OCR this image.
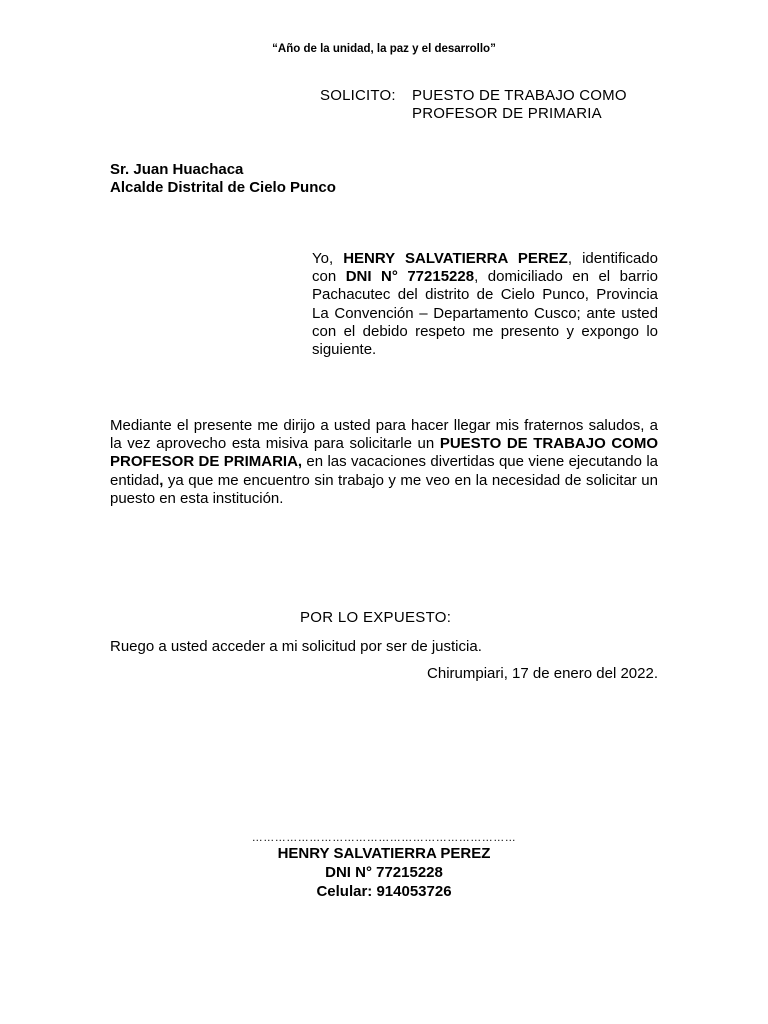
“Año de la unidad, la paz y el desarrollo”
SOLICITO:	PUESTO DE TRABAJO COMO
PROFESOR DE PRIMARIA
Sr. Juan Huachaca
Alcalde Distrital de Cielo Punco
Yo, HENRY SALVATIERRA PEREZ, identificado con DNI N° 77215228, domiciliado en el barrio Pachacutec del distrito de Cielo Punco, Provincia La Convención – Departamento Cusco; ante usted con el debido respeto me presento y expongo lo siguiente.
Mediante el presente me dirijo a usted para hacer llegar mis fraternos saludos, a la vez aprovecho esta misiva para solicitarle un PUESTO DE TRABAJO COMO PROFESOR DE PRIMARIA, en las vacaciones divertidas que viene ejecutando la entidad, ya que me encuentro sin trabajo y me veo en la necesidad de solicitar un puesto en esta institución.
POR LO EXPUESTO:
Ruego a usted acceder a mi solicitud por ser de justicia.
Chirumpiari, 17 de enero del 2022.
……………………………………………………………
HENRY SALVATIERRA PEREZ
DNI N° 77215228
Celular: 914053726
